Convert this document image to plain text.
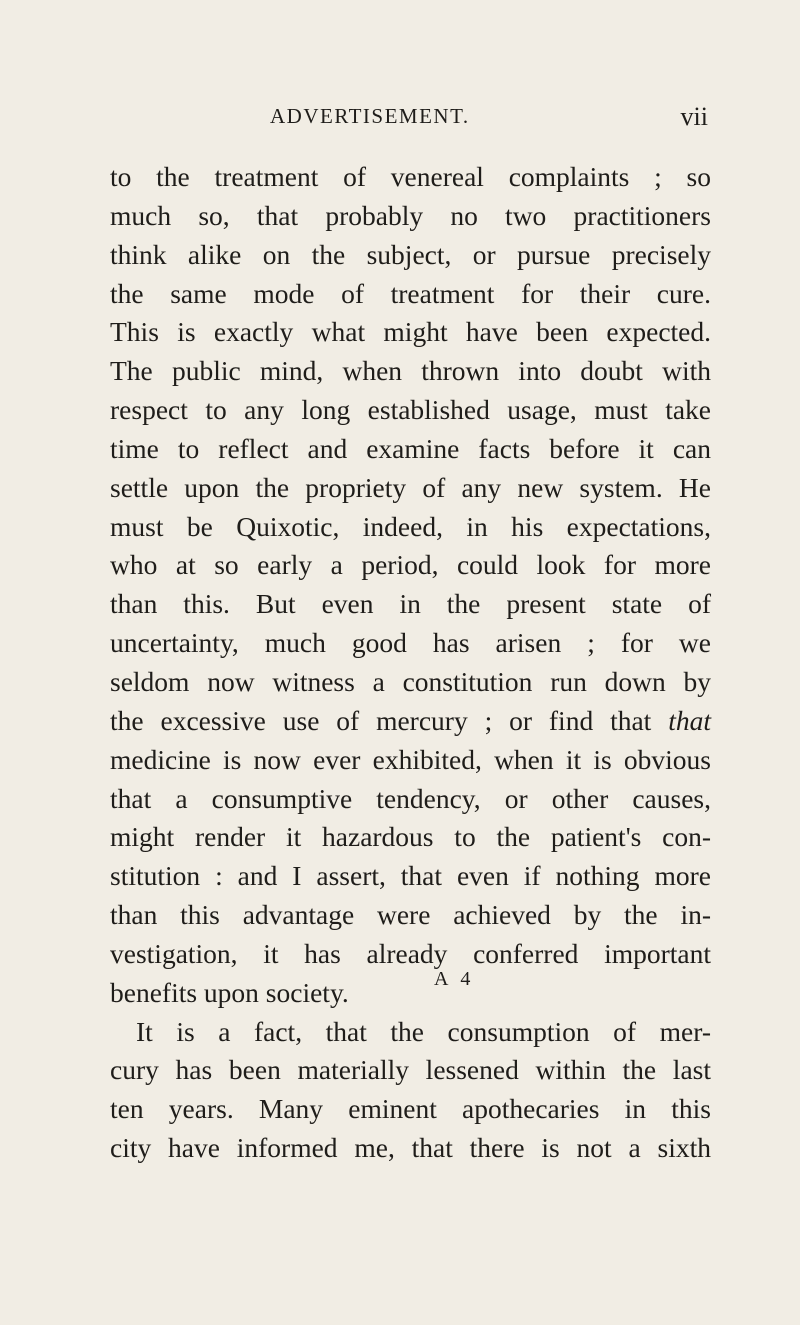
ADVERTISEMENT.	vii
to the treatment of venereal complaints ; so
much so, that probably no two practitioners
think alike on the subject, or pursue precisely
the same mode of treatment for their cure.
This is exactly what might have been expected.
The public mind, when thrown into doubt with
respect to any long established usage, must take
time to reflect and examine facts before it can
settle upon the propriety of any new system. He
must be Quixotic, indeed, in his expectations,
who at so early a period, could look for more
than this. But even in the present state of
uncertainty, much good has arisen ; for we
seldom now witness a constitution run down by
the excessive use of mercury ; or find that that
medicine is now ever exhibited, when it is obvious
that a consumptive tendency, or other causes,
might render it hazardous to the patient's con-
stitution : and I assert, that even if nothing more
than this advantage were achieved by the in-
vestigation, it has already conferred important
benefits upon society.
It is a fact, that the consumption of mer-
cury has been materially lessened within the last
ten years. Many eminent apothecaries in this
city have informed me, that there is not a sixth
A 4
